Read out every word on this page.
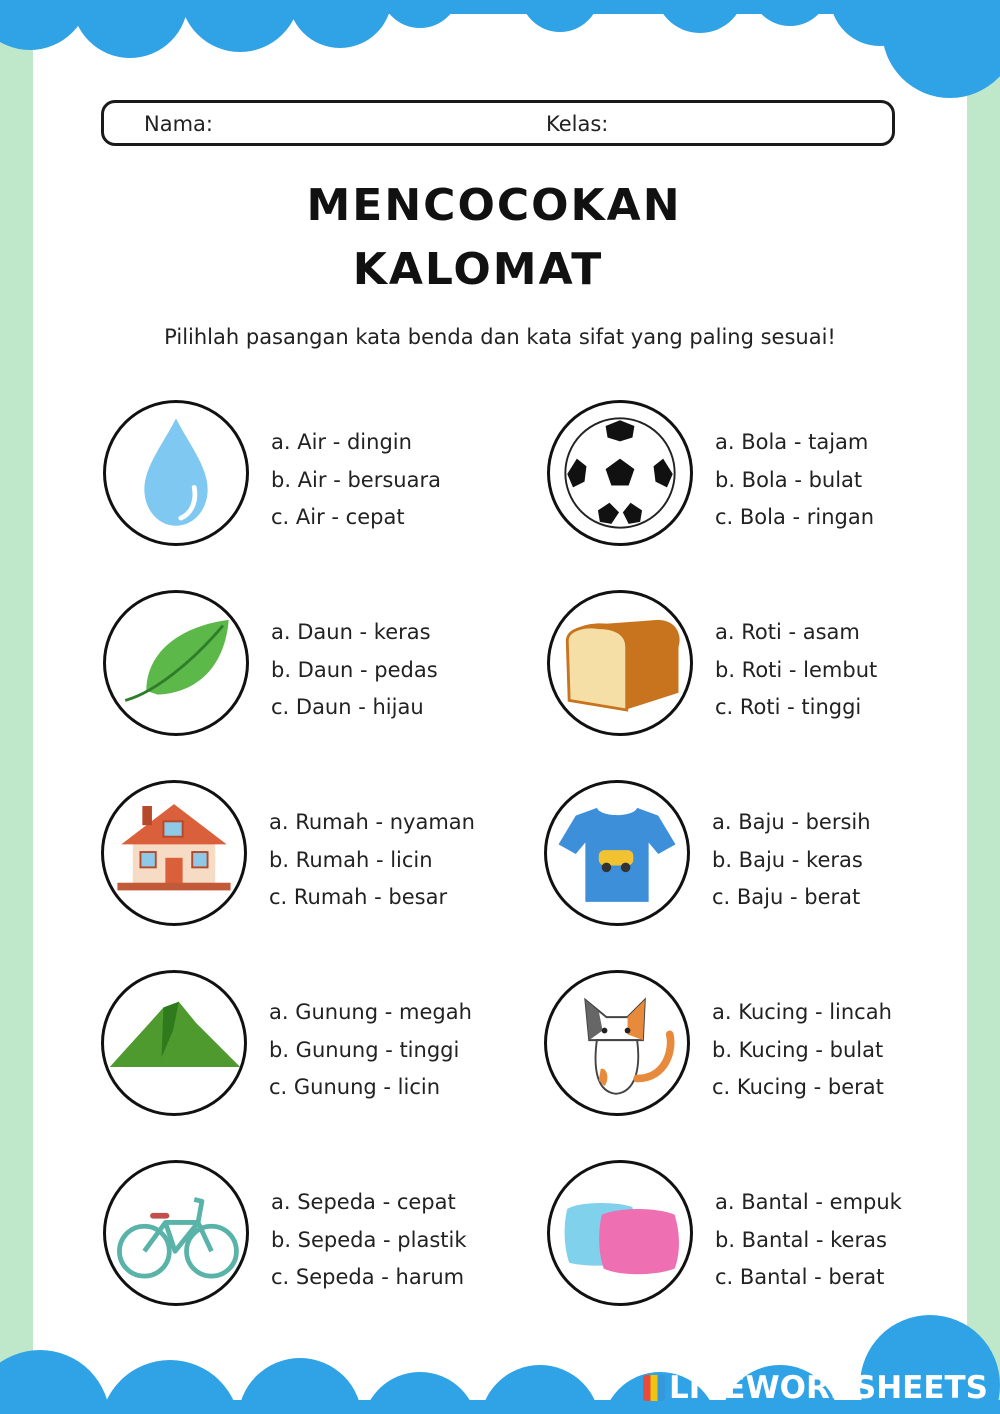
Nama:	Kelas:
MENCOCOKAN
KALOMAT
Pilihlah pasangan kata benda dan kata sifat yang paling sesuai!
a. Air - dingin
b. Air - bersuara
c. Air - cepat
a. Bola - tajam
b. Bola - bulat
c. Bola - ringan
a. Daun - keras
b. Daun - pedas
c. Daun - hijau
a. Roti - asam
b. Roti - lembut
c. Roti - tinggi
a. Rumah - nyaman
b. Rumah - licin
c. Rumah - besar
a. Baju - bersih
b. Baju - keras
c. Baju - berat
a. Gunung - megah
b. Gunung - tinggi
c. Gunung - licin
a. Kucing - lincah
b. Kucing - bulat
c. Kucing - berat
a. Sepeda - cepat
b. Sepeda - plastik
c. Sepeda - harum
a. Bantal - empuk
b. Bantal - keras
c. Bantal - berat
LIVEWORKSHEETS
